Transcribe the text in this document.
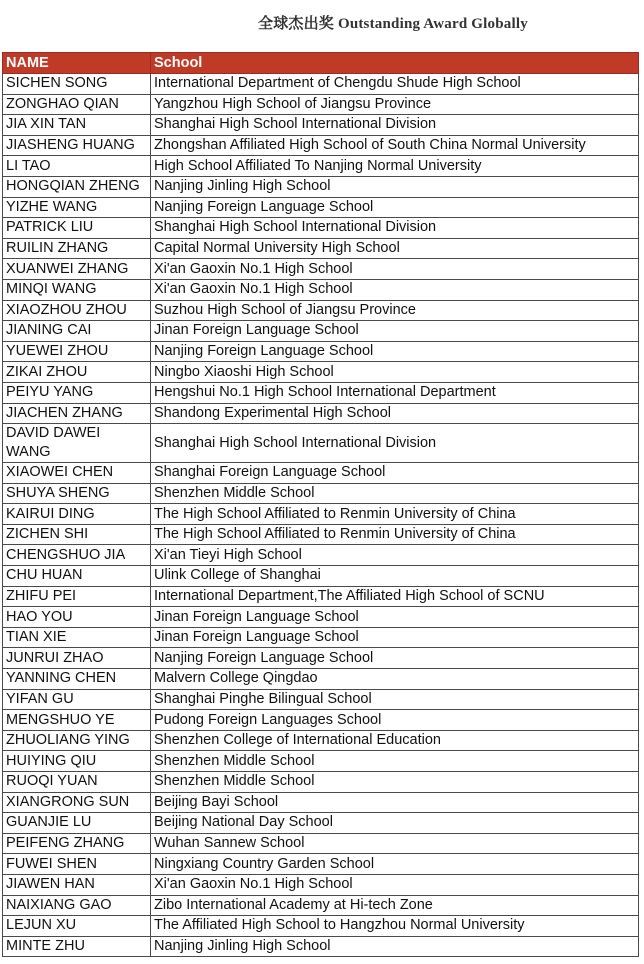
全球杰出奖 Outstanding Award Globally
NAME	School
SICHEN SONG	International Department of Chengdu Shude High School
ZONGHAO QIAN	Yangzhou High School of Jiangsu Province
JIA XIN TAN	Shanghai High School International Division
JIASHENG HUANG	Zhongshan Affiliated High School of South China Normal University
LI TAO	High School Affiliated To Nanjing Normal University
HONGQIAN ZHENG	Nanjing Jinling High School
YIZHE WANG	Nanjing Foreign Language School
PATRICK LIU	Shanghai High School International Division
RUILIN ZHANG	Capital Normal University High School
XUANWEI ZHANG	Xi'an Gaoxin No.1 High School
MINQI WANG	Xi'an Gaoxin No.1 High School
XIAOZHOU ZHOU	Suzhou High School of Jiangsu Province
JIANING CAI	Jinan Foreign Language School
YUEWEI ZHOU	Nanjing Foreign Language School
ZIKAI ZHOU	Ningbo Xiaoshi High School
PEIYU YANG	Hengshui No.1 High School International Department
JIACHEN ZHANG	Shandong Experimental High School
DAVID DAWEI WANG	Shanghai High School International Division
XIAOWEI CHEN	Shanghai Foreign Language School
SHUYA SHENG	Shenzhen Middle School
KAIRUI DING	The High School Affiliated to Renmin University of China
ZICHEN SHI	The High School Affiliated to Renmin University of China
CHENGSHUO JIA	Xi'an Tieyi High School
CHU HUAN	Ulink College of Shanghai
ZHIFU PEI	International Department,The Affiliated High School of SCNU
HAO YOU	Jinan Foreign Language School
TIAN XIE	Jinan Foreign Language School
JUNRUI ZHAO	Nanjing Foreign Language School
YANNING CHEN	Malvern College Qingdao
YIFAN GU	Shanghai Pinghe Bilingual School
MENGSHUO YE	Pudong Foreign Languages School
ZHUOLIANG YING	Shenzhen College of International Education
HUIYING QIU	Shenzhen Middle School
RUOQI YUAN	Shenzhen Middle School
XIANGRONG SUN	Beijing Bayi School
GUANJIE LU	Beijing National Day School
PEIFENG ZHANG	Wuhan Sannew School
FUWEI SHEN	Ningxiang Country Garden School
JIAWEN HAN	Xi'an Gaoxin No.1 High School
NAIXIANG GAO	Zibo International Academy at Hi-tech Zone
LEJUN XU	The Affiliated High School to Hangzhou Normal University
MINTE ZHU	Nanjing Jinling High School
